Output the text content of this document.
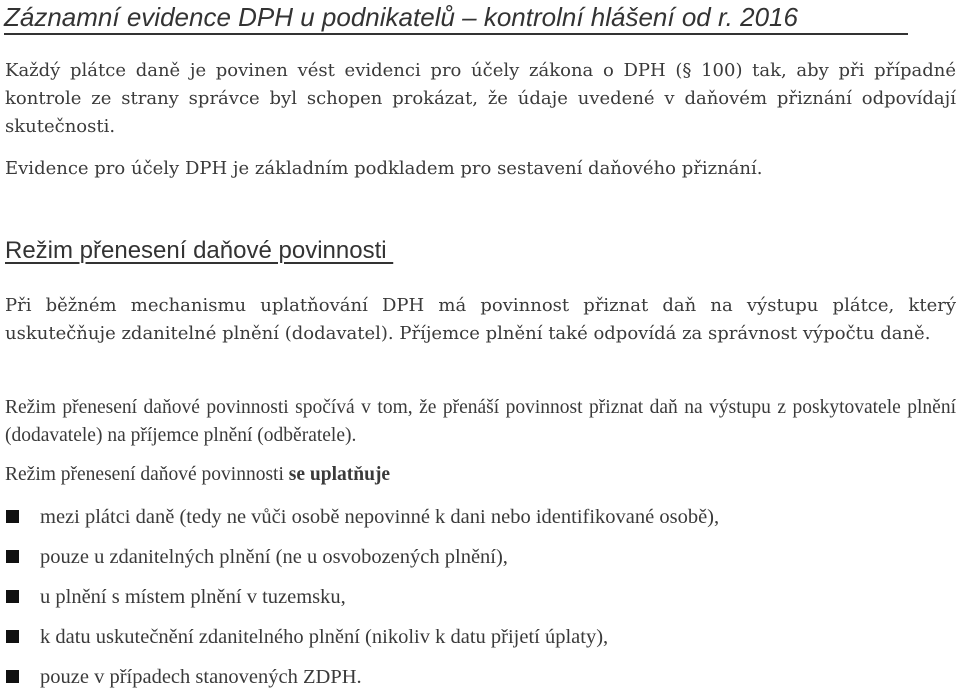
Záznamní evidence DPH u podnikatelů – kontrolní hlášení od r. 2016

Každý plátce daně je povinen vést evidenci pro účely zákona o DPH (§ 100) tak, aby při případné kontrole ze strany správce byl schopen prokázat, že údaje uvedené v daňovém přiznání odpovídají skutečnosti.

Evidence pro účely DPH je základním podkladem pro sestavení daňového přiznání.

Režim přenesení daňové povinnosti

Při běžném mechanismu uplatňování DPH má povinnost přiznat daň na výstupu plátce, který uskutečňuje zdanitelné plnění (dodavatel). Příjemce plnění také odpovídá za správnost výpočtu daně.

Režim přenesení daňové povinnosti spočívá v tom, že přenáší povinnost přiznat daň na výstupu z poskytovatele plnění (dodavatele) na příjemce plnění (odběratele).

Režim přenesení daňové povinnosti se uplatňuje

mezi plátci daně (tedy ne vůči osobě nepovinné k dani nebo identifikované osobě),
pouze u zdanitelných plnění (ne u osvobozených plnění),
u plnění s místem plnění v tuzemsku,
k datu uskutečnění zdanitelného plnění (nikoliv k datu přijetí úplaty),
pouze v případech stanovených ZDPH.
